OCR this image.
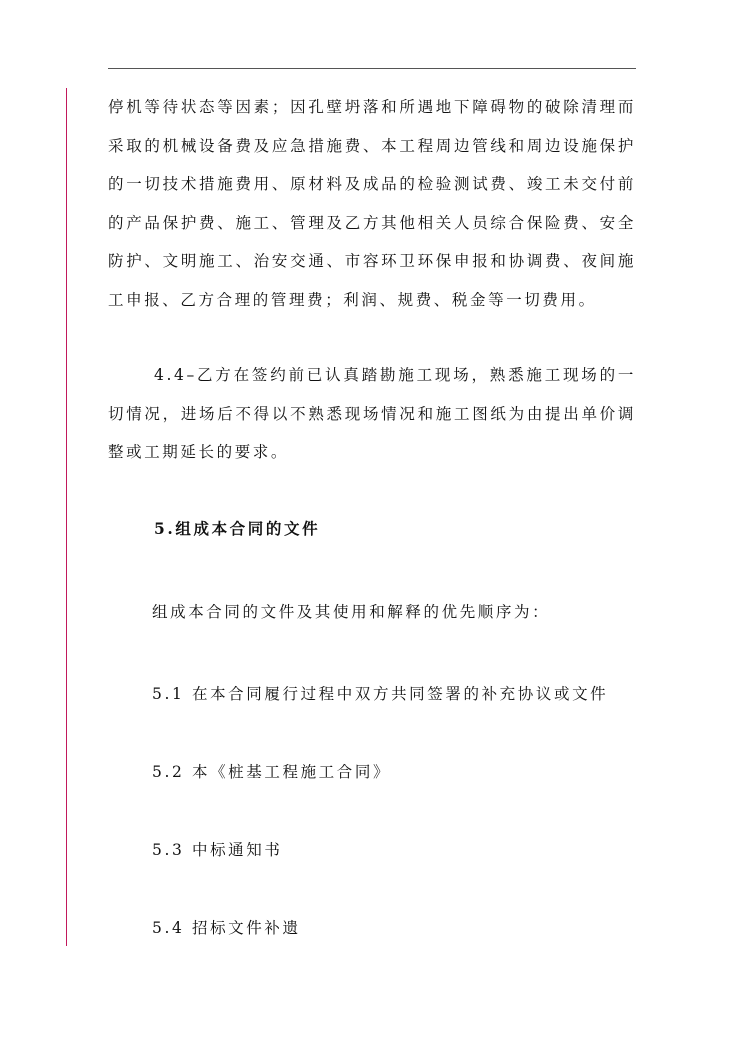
停机等待状态等因素；因孔壁坍落和所遇地下障碍物的破除清理而采取的机械设备费及应急措施费、本工程周边管线和周边设施保护的一切技术措施费用、原材料及成品的检验测试费、竣工未交付前的产品保护费、施工、管理及乙方其他相关人员综合保险费、安全防护、文明施工、治安交通、市容环卫环保申报和协调费、夜间施工申报、乙方合理的管理费；利润、规费、税金等一切费用。

4.4–乙方在签约前已认真踏勘施工现场，熟悉施工现场的一切情况，进场后不得以不熟悉现场情况和施工图纸为由提出单价调整或工期延长的要求。

5.组成本合同的文件

组成本合同的文件及其使用和解释的优先顺序为：

5.1 在本合同履行过程中双方共同签署的补充协议或文件

5.2 本《桩基工程施工合同》

5.3 中标通知书

5.4 招标文件补遗
